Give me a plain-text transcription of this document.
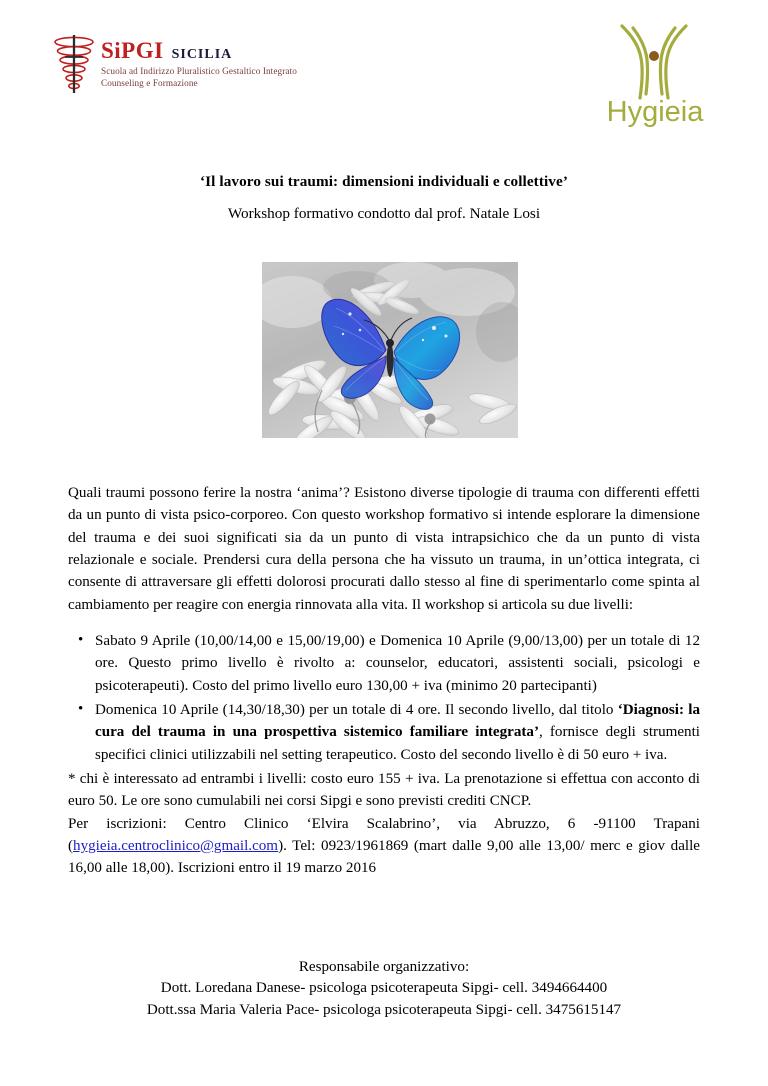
SiPGI SICILIA
Scuola ad Indirizzo Pluralistico Gestaltico Integrato
Counseling e Formazione
Hygieia
‘Il lavoro sui traumi: dimensioni individuali e collettive’
Workshop formativo condotto dal prof. Natale Losi

Quali traumi possono ferire la nostra ‘anima’? Esistono diverse tipologie di trauma con differenti effetti da un punto di vista psico-corporeo. Con questo workshop formativo si intende esplorare la dimensione del trauma e dei suoi significati sia da un punto di vista intrapsichico che da un punto di vista relazionale e sociale. Prendersi cura della persona che ha vissuto un trauma, in un’ottica integrata, ci consente di attraversare gli effetti dolorosi procurati dallo stesso al fine di sperimentarlo come spinta al cambiamento per reagire con energia rinnovata alla vita. Il workshop si articola su due livelli:

• Sabato 9 Aprile (10,00/14,00 e 15,00/19,00) e Domenica 10 Aprile (9,00/13,00) per un totale di 12 ore. Questo primo livello è rivolto a: counselor, educatori, assistenti sociali, psicologi e psicoterapeuti). Costo del primo livello euro 130,00 + iva (minimo 20 partecipanti)
• Domenica 10 Aprile (14,30/18,30) per un totale di 4 ore. Il secondo livello, dal titolo ‘Diagnosi: la cura del trauma in una prospettiva sistemico familiare integrata’, fornisce degli strumenti specifici clinici utilizzabili nel setting terapeutico. Costo del secondo livello è di 50 euro + iva.

* chi è interessato ad entrambi i livelli: costo euro 155 + iva. La prenotazione si effettua con acconto di euro 50. Le ore sono cumulabili nei corsi Sipgi e sono previsti crediti CNCP.

Per iscrizioni: Centro Clinico ‘Elvira Scalabrino’, via Abruzzo, 6 -91100 Trapani (hygieia.centroclinico@gmail.com). Tel: 0923/1961869 (mart dalle 9,00 alle 13,00/ merc e giov dalle 16,00 alle 18,00). Iscrizioni entro il 19 marzo 2016

Responsabile organizzativo:
Dott. Loredana Danese- psicologa psicoterapeuta Sipgi- cell. 3494664400
Dott.ssa Maria Valeria Pace- psicologa psicoterapeuta Sipgi- cell. 3475615147
